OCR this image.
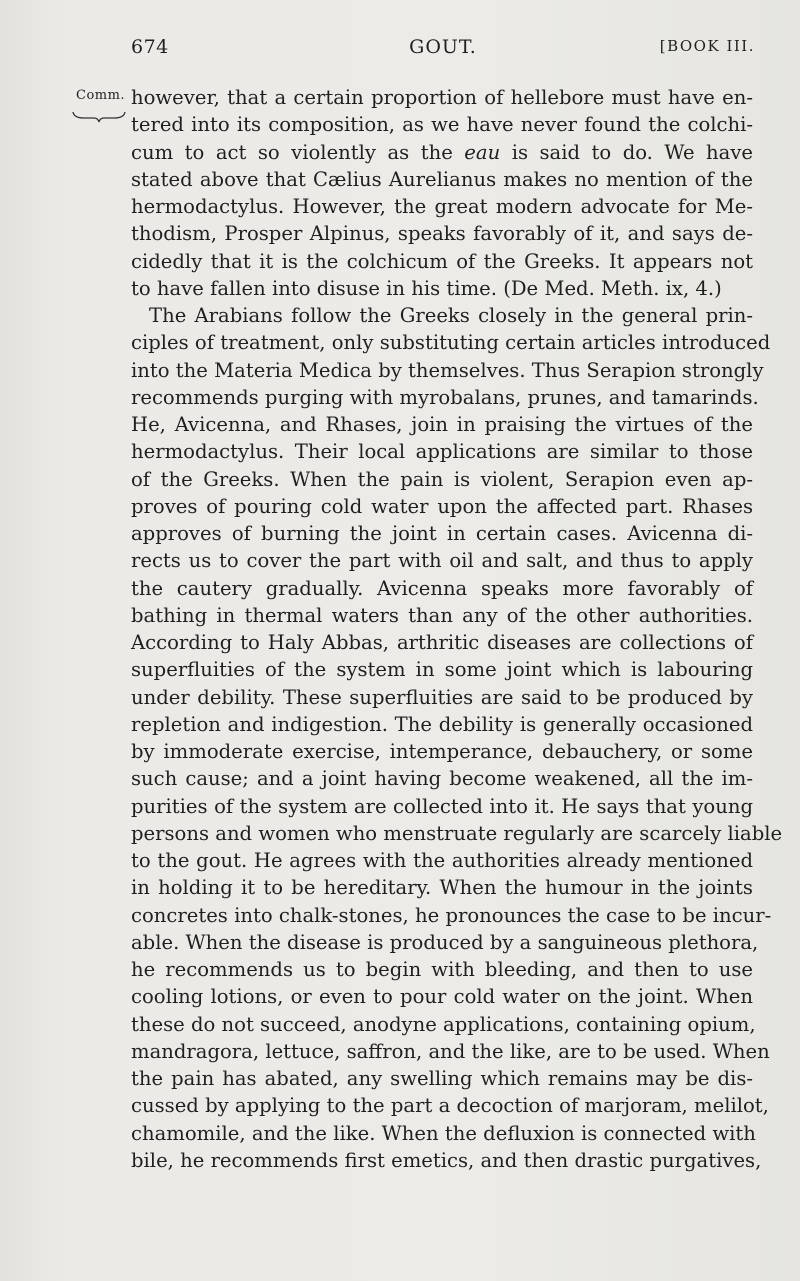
674	GOUT.	[BOOK III.
Comm. however, that a certain proportion of hellebore must have en-
tered into its composition, as we have never found the colchi-
cum to act so violently as the eau is said to do. We have
stated above that Cælius Aurelianus makes no mention of the
hermodactylus. However, the great modern advocate for Me-
thodism, Prosper Alpinus, speaks favorably of it, and says de-
cidedly that it is the colchicum of the Greeks. It appears not
to have fallen into disuse in his time. (De Med. Meth. ix, 4.)
The Arabians follow the Greeks closely in the general prin-
ciples of treatment, only substituting certain articles introduced
into the Materia Medica by themselves. Thus Serapion strongly
recommends purging with myrobalans, prunes, and tamarinds.
He, Avicenna, and Rhases, join in praising the virtues of the
hermodactylus. Their local applications are similar to those
of the Greeks. When the pain is violent, Serapion even ap-
proves of pouring cold water upon the affected part. Rhases
approves of burning the joint in certain cases. Avicenna di-
rects us to cover the part with oil and salt, and thus to apply
the cautery gradually. Avicenna speaks more favorably of
bathing in thermal waters than any of the other authorities.
According to Haly Abbas, arthritic diseases are collections of
superfluities of the system in some joint which is labouring
under debility. These superfluities are said to be produced by
repletion and indigestion. The debility is generally occasioned
by immoderate exercise, intemperance, debauchery, or some
such cause; and a joint having become weakened, all the im-
purities of the system are collected into it. He says that young
persons and women who menstruate regularly are scarcely liable
to the gout. He agrees with the authorities already mentioned
in holding it to be hereditary. When the humour in the joints
concretes into chalk-stones, he pronounces the case to be incur-
able. When the disease is produced by a sanguineous plethora,
he recommends us to begin with bleeding, and then to use
cooling lotions, or even to pour cold water on the joint. When
these do not succeed, anodyne applications, containing opium,
mandragora, lettuce, saffron, and the like, are to be used. When
the pain has abated, any swelling which remains may be dis-
cussed by applying to the part a decoction of marjoram, melilot,
chamomile, and the like. When the defluxion is connected with
bile, he recommends first emetics, and then drastic purgatives,
